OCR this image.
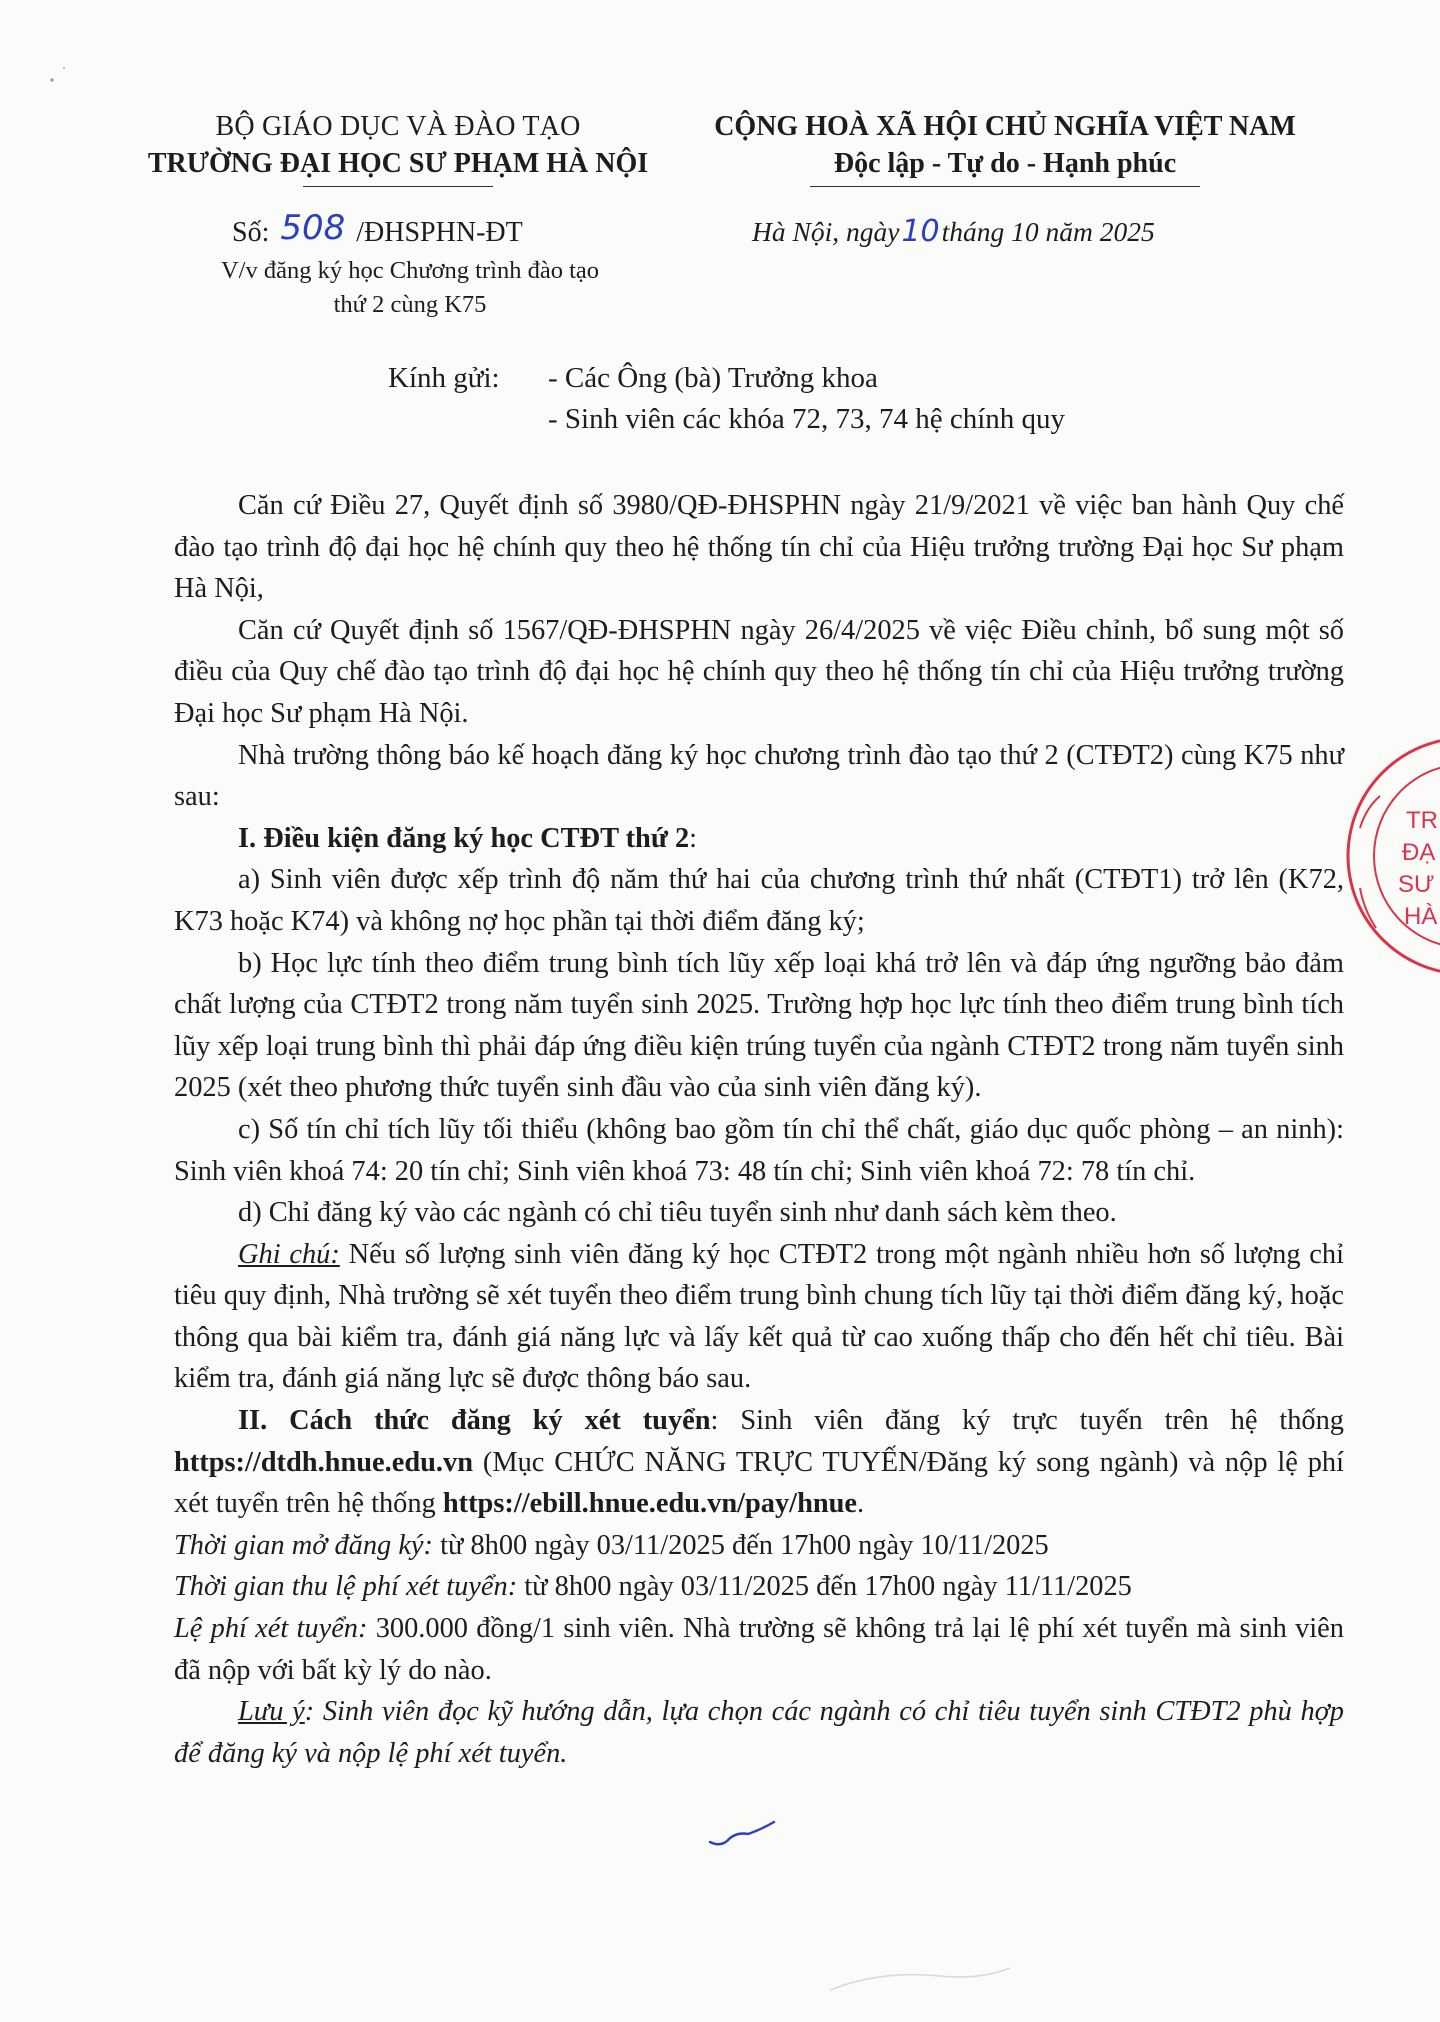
BỘ GIÁO DỤC VÀ ĐÀO TẠO
TRƯỜNG ĐẠI HỌC SƯ PHẠM HÀ NỘI
CỘNG HOÀ XÃ HỘI CHỦ NGHĨA VIỆT NAM
Độc lập - Tự do - Hạnh phúc
Số: 508 /ĐHSPHN-ĐT
V/v đăng ký học Chương trình đào tạo
thứ 2 cùng K75
Hà Nội, ngày10tháng 10 năm 2025
Kính gửi: - Các Ông (bà) Trưởng khoa
- Sinh viên các khóa 72, 73, 74 hệ chính quy

Căn cứ Điều 27, Quyết định số 3980/QĐ-ĐHSPHN ngày 21/9/2021 về việc ban hành Quy chế đào tạo trình độ đại học hệ chính quy theo hệ thống tín chỉ của Hiệu trưởng trường Đại học Sư phạm Hà Nội,

Căn cứ Quyết định số 1567/QĐ-ĐHSPHN ngày 26/4/2025 về việc Điều chỉnh, bổ sung một số điều của Quy chế đào tạo trình độ đại học hệ chính quy theo hệ thống tín chỉ của Hiệu trưởng trường Đại học Sư phạm Hà Nội.

Nhà trường thông báo kế hoạch đăng ký học chương trình đào tạo thứ 2 (CTĐT2) cùng K75 như sau:

I. Điều kiện đăng ký học CTĐT thứ 2:

a) Sinh viên được xếp trình độ năm thứ hai của chương trình thứ nhất (CTĐT1) trở lên (K72, K73 hoặc K74) và không nợ học phần tại thời điểm đăng ký;

b) Học lực tính theo điểm trung bình tích lũy xếp loại khá trở lên và đáp ứng ngưỡng bảo đảm chất lượng của CTĐT2 trong năm tuyển sinh 2025. Trường hợp học lực tính theo điểm trung bình tích lũy xếp loại trung bình thì phải đáp ứng điều kiện trúng tuyển của ngành CTĐT2 trong năm tuyển sinh 2025 (xét theo phương thức tuyển sinh đầu vào của sinh viên đăng ký).

c) Số tín chỉ tích lũy tối thiểu (không bao gồm tín chỉ thể chất, giáo dục quốc phòng – an ninh): Sinh viên khoá 74: 20 tín chỉ; Sinh viên khoá 73: 48 tín chỉ; Sinh viên khoá 72: 78 tín chỉ.

d) Chỉ đăng ký vào các ngành có chỉ tiêu tuyển sinh như danh sách kèm theo.

Ghi chú: Nếu số lượng sinh viên đăng ký học CTĐT2 trong một ngành nhiều hơn số lượng chỉ tiêu quy định, Nhà trường sẽ xét tuyển theo điểm trung bình chung tích lũy tại thời điểm đăng ký, hoặc thông qua bài kiểm tra, đánh giá năng lực và lấy kết quả từ cao xuống thấp cho đến hết chỉ tiêu. Bài kiểm tra, đánh giá năng lực sẽ được thông báo sau.

II. Cách thức đăng ký xét tuyển: Sinh viên đăng ký trực tuyến trên hệ thống https://dtdh.hnue.edu.vn (Mục CHỨC NĂNG TRỰC TUYẾN/Đăng ký song ngành) và nộp lệ phí xét tuyển trên hệ thống https://ebill.hnue.edu.vn/pay/hnue.

Thời gian mở đăng ký: từ 8h00 ngày 03/11/2025 đến 17h00 ngày 10/11/2025

Thời gian thu lệ phí xét tuyển: từ 8h00 ngày 03/11/2025 đến 17h00 ngày 11/11/2025

Lệ phí xét tuyển: 300.000 đồng/1 sinh viên. Nhà trường sẽ không trả lại lệ phí xét tuyển mà sinh viên đã nộp với bất kỳ lý do nào.

Lưu ý: Sinh viên đọc kỹ hướng dẫn, lựa chọn các ngành có chỉ tiêu tuyển sinh CTĐT2 phù hợp để đăng ký và nộp lệ phí xét tuyển.

TR
ĐẠ
SƯ
HÀ
